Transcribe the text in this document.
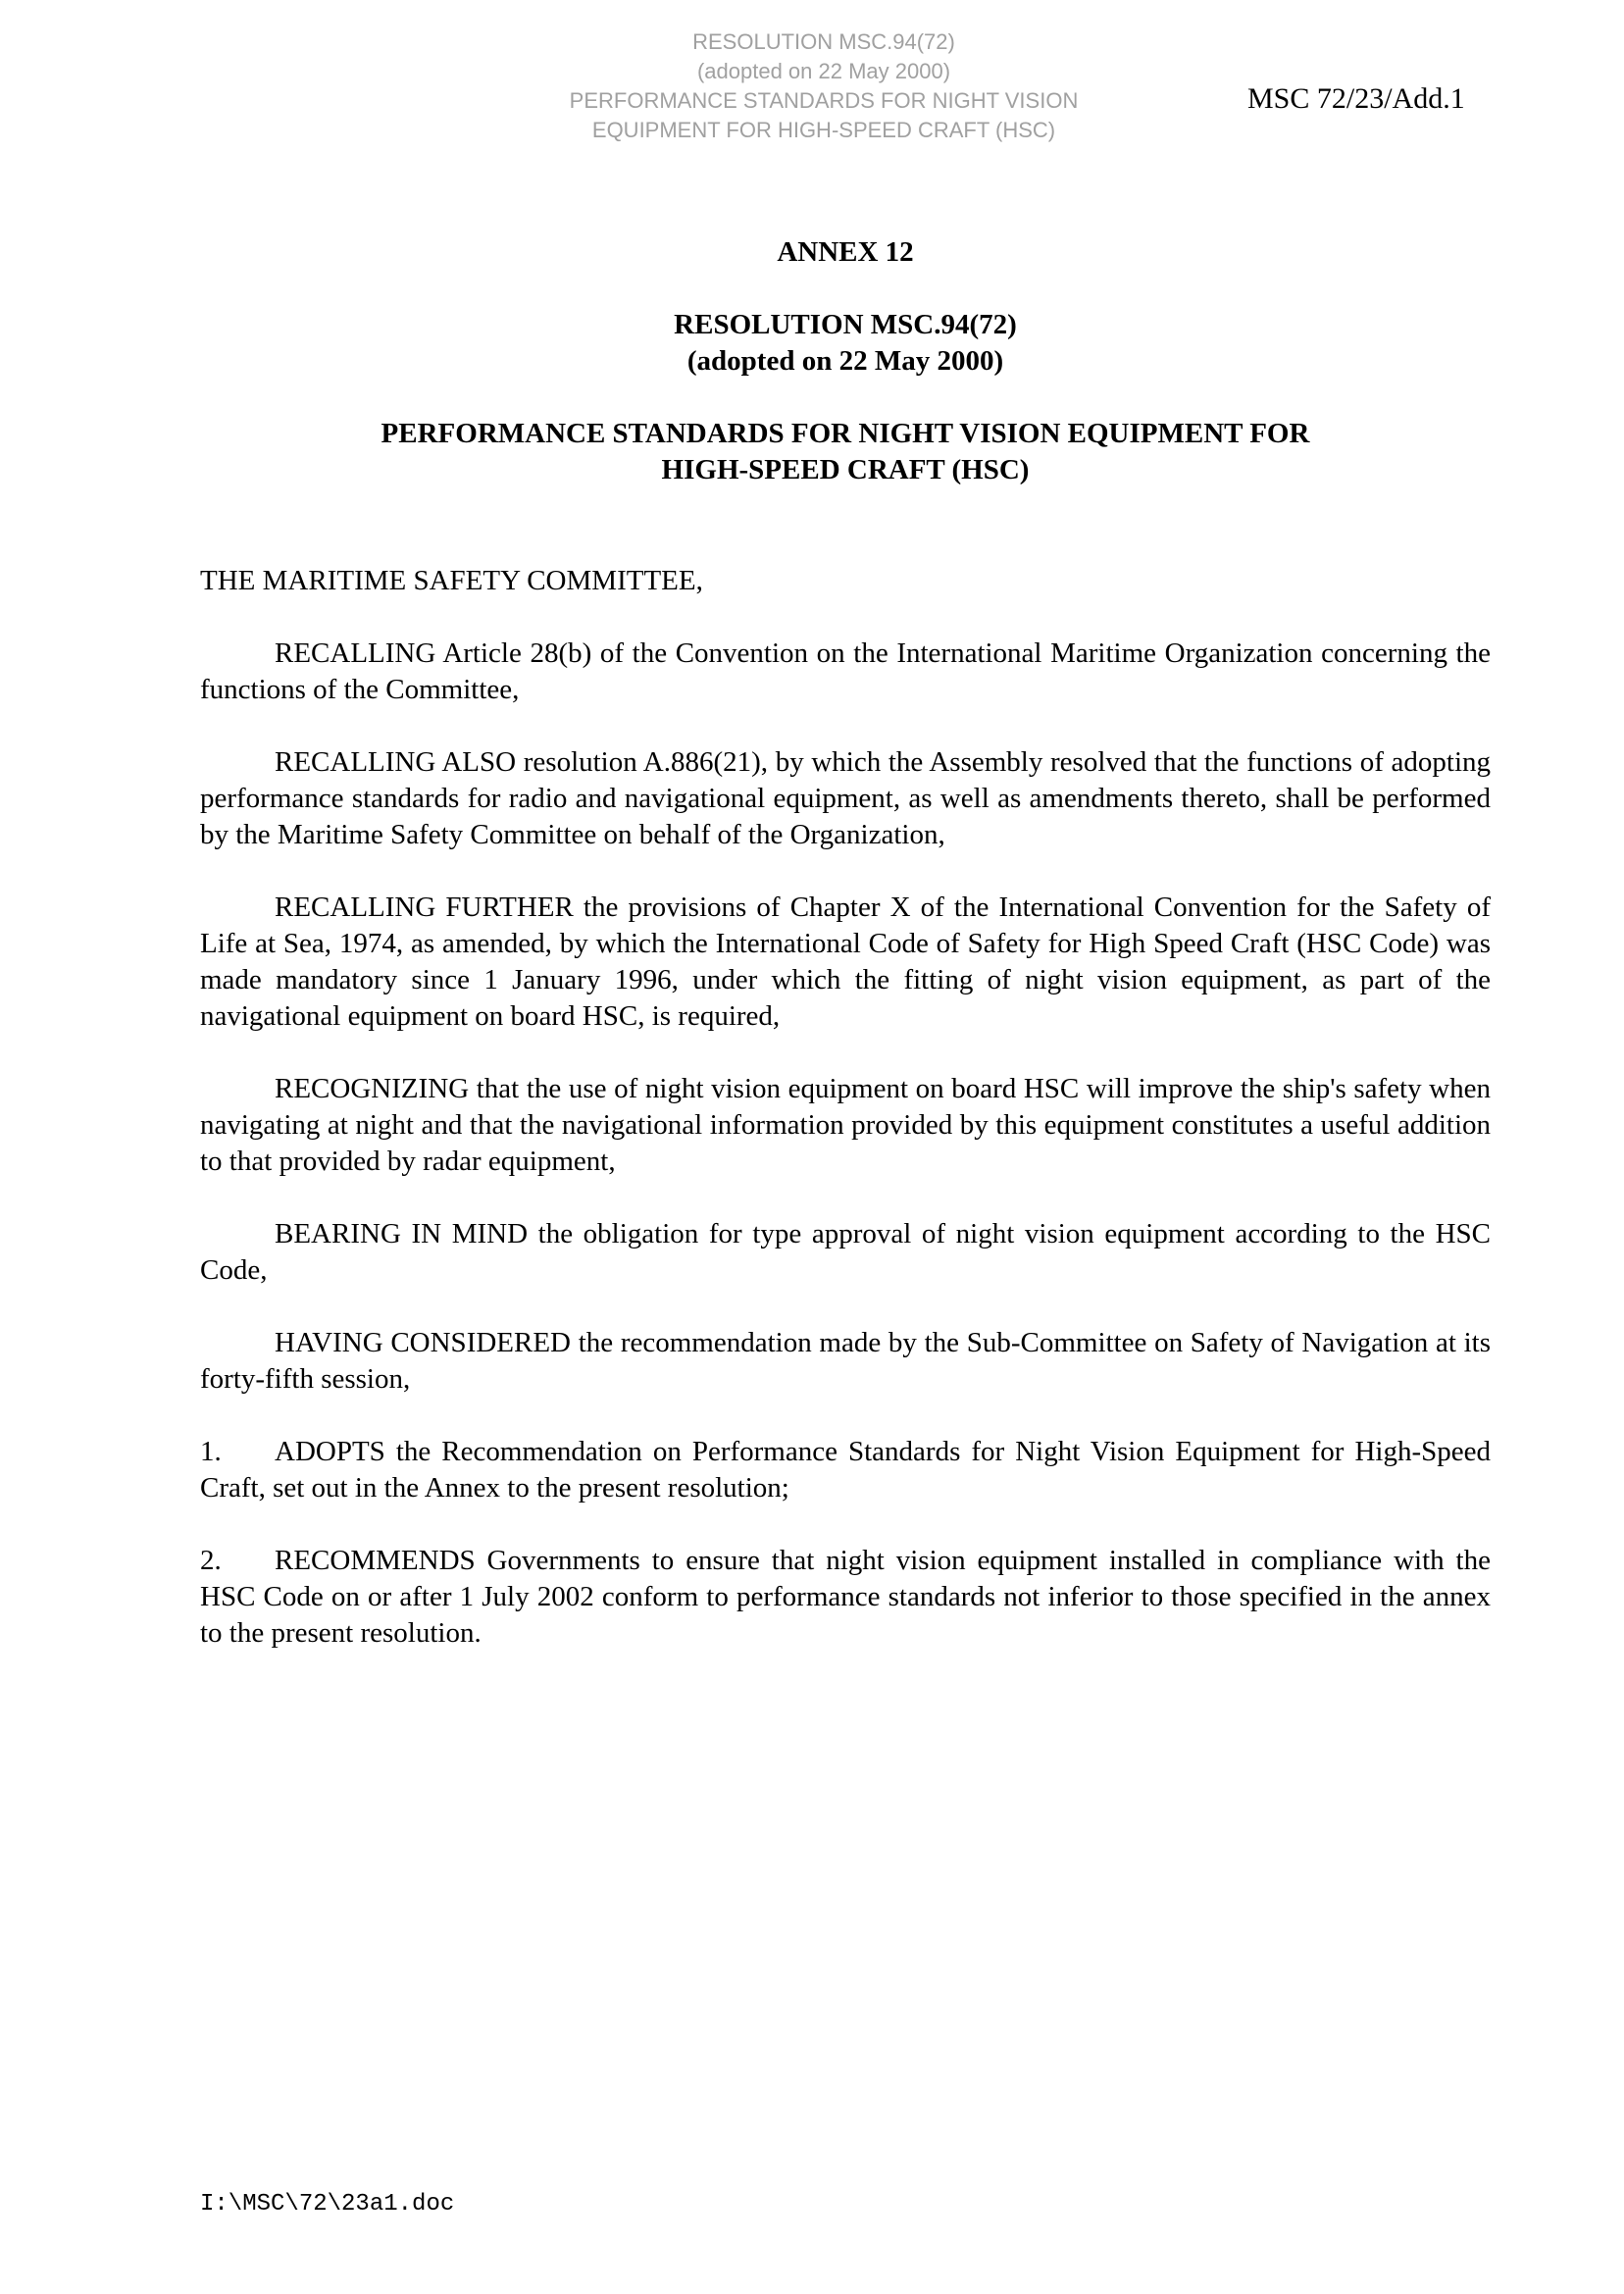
RESOLUTION MSC.94(72)
(adopted on 22 May 2000)
PERFORMANCE STANDARDS FOR NIGHT VISION
EQUIPMENT FOR HIGH-SPEED CRAFT (HSC)
MSC 72/23/Add.1
ANNEX 12
RESOLUTION MSC.94(72)
(adopted on 22 May 2000)
PERFORMANCE STANDARDS FOR NIGHT VISION EQUIPMENT FOR
HIGH-SPEED CRAFT (HSC)

THE MARITIME SAFETY COMMITTEE,

RECALLING Article 28(b) of the Convention on the International Maritime Organization concerning the functions of the Committee,

RECALLING ALSO resolution A.886(21), by which the Assembly resolved that the functions of adopting performance standards for radio and navigational equipment, as well as amendments thereto, shall be performed by the Maritime Safety Committee on behalf of the Organization,

RECALLING FURTHER the provisions of Chapter X of the International Convention for the Safety of Life at Sea, 1974, as amended, by which the International Code of Safety for High Speed Craft (HSC Code) was made mandatory since 1 January 1996, under which the fitting of night vision equipment, as part of the navigational equipment on board HSC, is required,

RECOGNIZING that the use of night vision equipment on board HSC will improve the ship's safety when navigating at night and that the navigational information provided by this equipment constitutes a useful addition to that provided by radar equipment,

BEARING IN MIND the obligation for type approval of night vision equipment according to the HSC Code,

HAVING CONSIDERED the recommendation made by the Sub-Committee on Safety of Navigation at its forty-fifth session,

1. ADOPTS the Recommendation on Performance Standards for Night Vision Equipment for High-Speed Craft, set out in the Annex to the present resolution;

2. RECOMMENDS Governments to ensure that night vision equipment installed in compliance with the HSC Code on or after 1 July 2002 conform to performance standards not inferior to those specified in the annex to the present resolution.

I:\MSC\72\23a1.doc
